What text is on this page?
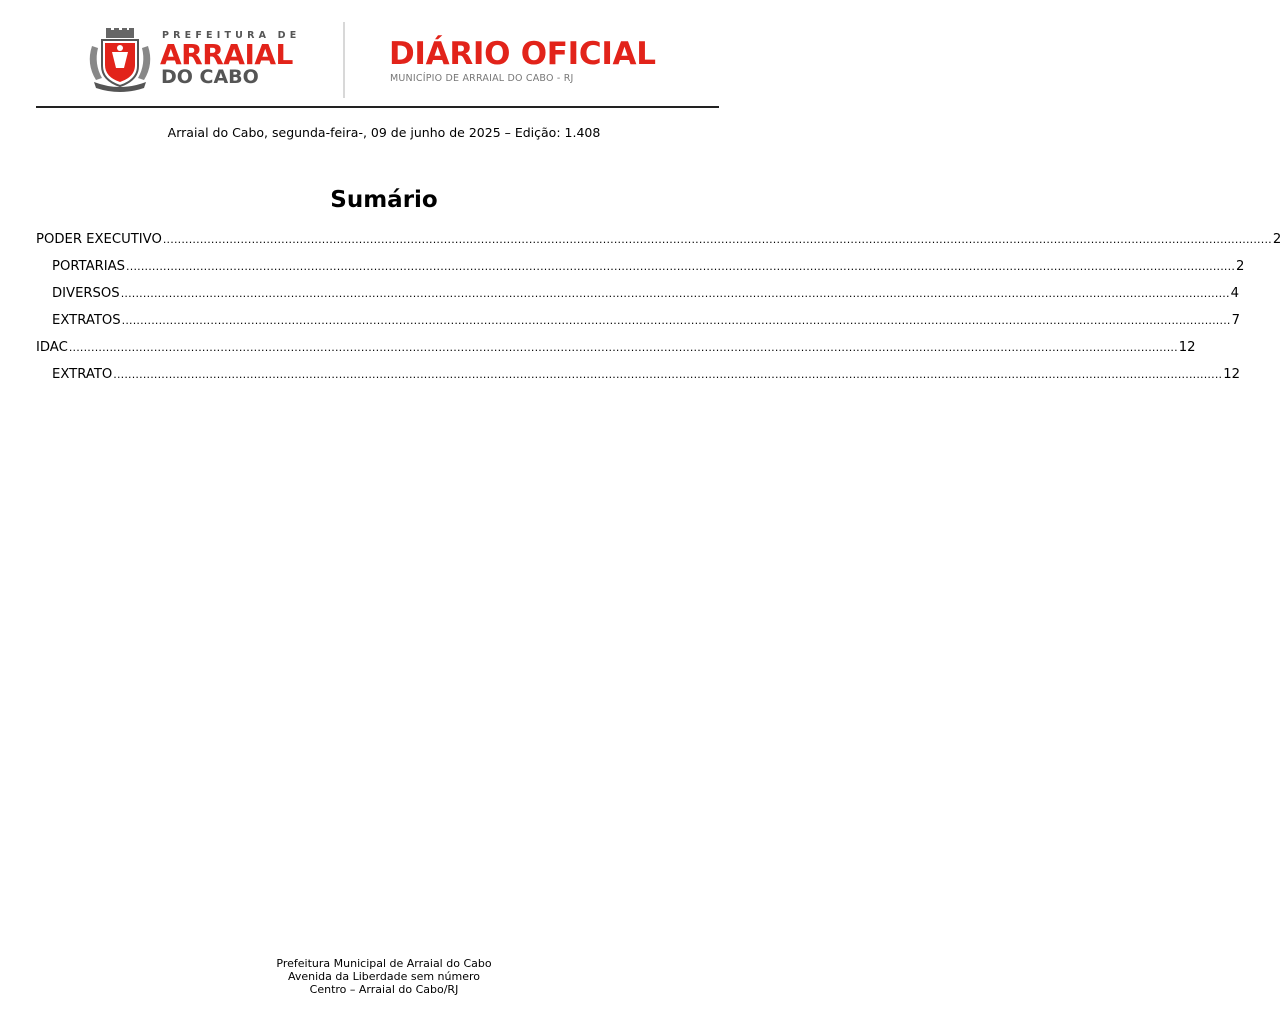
PREFEITURA DE
ARRAIAL
DO CABO
DIÁRIO OFICIAL
MUNICÍPIO DE ARRAIAL DO CABO - RJ
Arraial do Cabo, segunda-feira-, 09 de junho de 2025 – Edição: 1.408
Sumário
PODER EXECUTIVO ............................................................................................................................................................................................................................................................................................................ 2
PORTARIAS ............................................................................................................................................................................................................................................................................................................ 2
DIVERSOS ............................................................................................................................................................................................................................................................................................................ 4
EXTRATOS ............................................................................................................................................................................................................................................................................................................ 7
IDAC ............................................................................................................................................................................................................................................................................................................ 12
EXTRATO ............................................................................................................................................................................................................................................................................................................ 12
Prefeitura Municipal de Arraial do Cabo
Avenida da Liberdade sem número
Centro – Arraial do Cabo/RJ
